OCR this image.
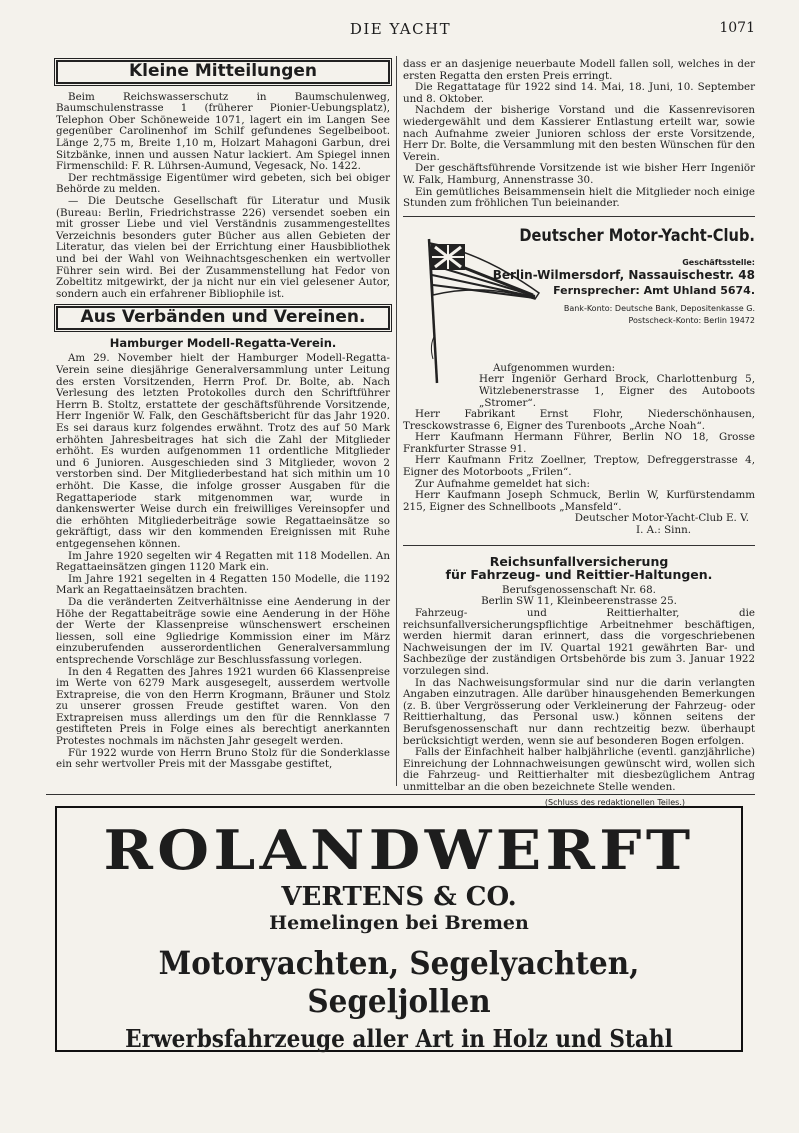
DIE YACHT	1071
Kleine Mitteilungen

Beim Reichswasserschutz in Baumschulenweg, Baumschulenstrasse 1 (früherer Pionier-Uebungsplatz), Telephon Ober Schöneweide 1071, lagert ein im Langen See gegenüber Carolinenhof im Schilf gefundenes Segelbeiboot. Länge 2,75 m, Breite 1,10 m, Holzart Mahagoni Garbun, drei Sitzbänke, innen und aussen Natur lackiert. Am Spiegel innen Firmenschild: F. R. Lührsen-Aumund, Vegesack, No. 1422.

Der rechtmässige Eigentümer wird gebeten, sich bei obiger Behörde zu melden.

— Die Deutsche Gesellschaft für Literatur und Musik (Bureau: Berlin, Friedrichstrasse 226) versendet soeben ein mit grosser Liebe und viel Verständnis zusammengestelltes Verzeichnis besonders guter Bücher aus allen Gebieten der Literatur, das vielen bei der Errichtung einer Hausbibliothek und bei der Wahl von Weihnachtsgeschenken ein wertvoller Führer sein wird. Bei der Zusammenstellung hat Fedor von Zobeltitz mitgewirkt, der ja nicht nur ein viel gelesener Autor, sondern auch ein erfahrener Bibliophile ist.

Aus Verbänden und Vereinen.
Hamburger Modell-Regatta-Verein.

Am 29. November hielt der Hamburger Modell-Regatta-Verein seine diesjährige Generalversammlung unter Leitung des ersten Vorsitzenden, Herrn Prof. Dr. Bolte, ab. Nach Verlesung des letzten Protokolles durch den Schriftführer Herrn B. Stoltz, erstattete der geschäftsführende Vorsitzende, Herr Ingeniör W. Falk, den Geschäftsbericht für das Jahr 1920. Es sei daraus kurz folgendes erwähnt. Trotz des auf 50 Mark erhöhten Jahresbeitrages hat sich die Zahl der Mitglieder erhöht. Es wurden aufgenommen 11 ordentliche Mitglieder und 6 Junioren. Ausgeschieden sind 3 Mitglieder, wovon 2 verstorben sind. Der Mitgliederbestand hat sich mithin um 10 erhöht. Die Kasse, die infolge grosser Ausgaben für die Regattaperiode stark mitgenommen war, wurde in dankenswerter Weise durch ein freiwilliges Vereinsopfer und die erhöhten Mitgliederbeiträge sowie Regattaeinsätze so gekräftigt, dass wir den kommenden Ereignissen mit Ruhe entgegensehen können.

Im Jahre 1920 segelten wir 4 Regatten mit 118 Modellen. An Regattaeinsätzen gingen 1120 Mark ein.

Im Jahre 1921 segelten in 4 Regatten 150 Modelle, die 1192 Mark an Regattaeinsätzen brachten.

Da die veränderten Zeitverhältnisse eine Aenderung in der Höhe der Regattabeiträge sowie eine Aenderung in der Höhe der Werte der Klassenpreise wünschenswert erscheinen liessen, soll eine 9gliedrige Kommission einer im März einzuberufenden ausserordentlichen Generalversammlung entsprechende Vorschläge zur Beschlussfassung vorlegen.

In den 4 Regatten des Jahres 1921 wurden 66 Klassenpreise im Werte von 6279 Mark ausgesegelt, ausserdem wertvolle Extrapreise, die von den Herrn Krogmann, Bräuner und Stolz zu unserer grossen Freude gestiftet waren. Von den Extrapreisen muss allerdings um den für die Rennklasse 7 gestifteten Preis in Folge eines als berechtigt anerkannten Protestes nochmals im nächsten Jahr gesegelt werden.

Für 1922 wurde von Herrn Bruno Stolz für die Sonderklasse ein sehr wertvoller Preis mit der Massgabe gestiftet,

dass er an dasjenige neuerbaute Modell fallen soll, welches in der ersten Regatta den ersten Preis erringt.

Die Regattatage für 1922 sind 14. Mai, 18. Juni, 10. September und 8. Oktober.

Nachdem der bisherige Vorstand und die Kassenrevisoren wiedergewählt und dem Kassierer Entlastung erteilt war, sowie nach Aufnahme zweier Junioren schloss der erste Vorsitzende, Herr Dr. Bolte, die Versammlung mit den besten Wünschen für den Verein.

Der geschäftsführende Vorsitzende ist wie bisher Herr Ingeniör W. Falk, Hamburg, Annenstrasse 30.

Ein gemütliches Beisammensein hielt die Mitglieder noch einige Stunden zum fröhlichen Tun beieinander.

Deutscher Motor-Yacht-Club.
Geschäftsstelle:
Berlin-Wilmersdorf, Nassauischestr. 48
Fernsprecher: Amt Uhland 5674.
Bank-Konto: Deutsche Bank, Depositenkasse G.
Postscheck-Konto: Berlin 19472
Aufgenommen wurden:

Herr Ingeniör Gerhard Brock, Charlottenburg 5, Witzlebenerstrasse 1, Eigner des Autoboots „Stromer“.

Herr Fabrikant Ernst Flohr, Niederschönhausen, Tresckowstrasse 6, Eigner des Turenboots „Arche Noah“.

Herr Kaufmann Hermann Führer, Berlin NO 18, Grosse Frankfurter Strasse 91.

Herr Kaufmann Fritz Zoellner, Treptow, Defreggerstrasse 4, Eigner des Motorboots „Frilen“.

Zur Aufnahme gemeldet hat sich:

Herr Kaufmann Joseph Schmuck, Berlin W, Kurfürstendamm 215, Eigner des Schnellboots „Mansfeld“.

Deutscher Motor-Yacht-Club E. V.
I. A.: Sinn.
Reichsunfallversicherung
für Fahrzeug- und Reittier-Haltungen.
Berufsgenossenschaft Nr. 68.
Berlin SW 11, Kleinbeerenstrasse 25.

Fahrzeug- und Reittierhalter, die reichsunfallversicherungspflichtige Arbeitnehmer beschäftigen, werden hiermit daran erinnert, dass die vorgeschriebenen Nachweisungen der im IV. Quartal 1921 gewährten Bar- und Sachbezüge der zuständigen Ortsbehörde bis zum 3. Januar 1922 vorzulegen sind.

In das Nachweisungsformular sind nur die darin verlangten Angaben einzutragen. Alle darüber hinausgehenden Bemerkungen (z. B. über Vergrösserung oder Verkleinerung der Fahrzeug- oder Reittierhaltung, das Personal usw.) können seitens der Berufsgenossenschaft nur dann rechtzeitig bezw. überhaupt berücksichtigt werden, wenn sie auf besonderen Bogen erfolgen.

Falls der Einfachheit halber halbjährliche (eventl. ganzjährliche) Einreichung der Lohnnachweisungen gewünscht wird, wollen sich die Fahrzeug- und Reittierhalter mit diesbezüglichem Antrag unmittelbar an die oben bezeichnete Stelle wenden.

(Schluss des redaktionellen Teiles.)
ROLANDWERFT
VERTENS & CO.
Hemelingen bei Bremen
Motoryachten, Segelyachten, Segeljollen
Erwerbsfahrzeuge aller Art in Holz und Stahl
